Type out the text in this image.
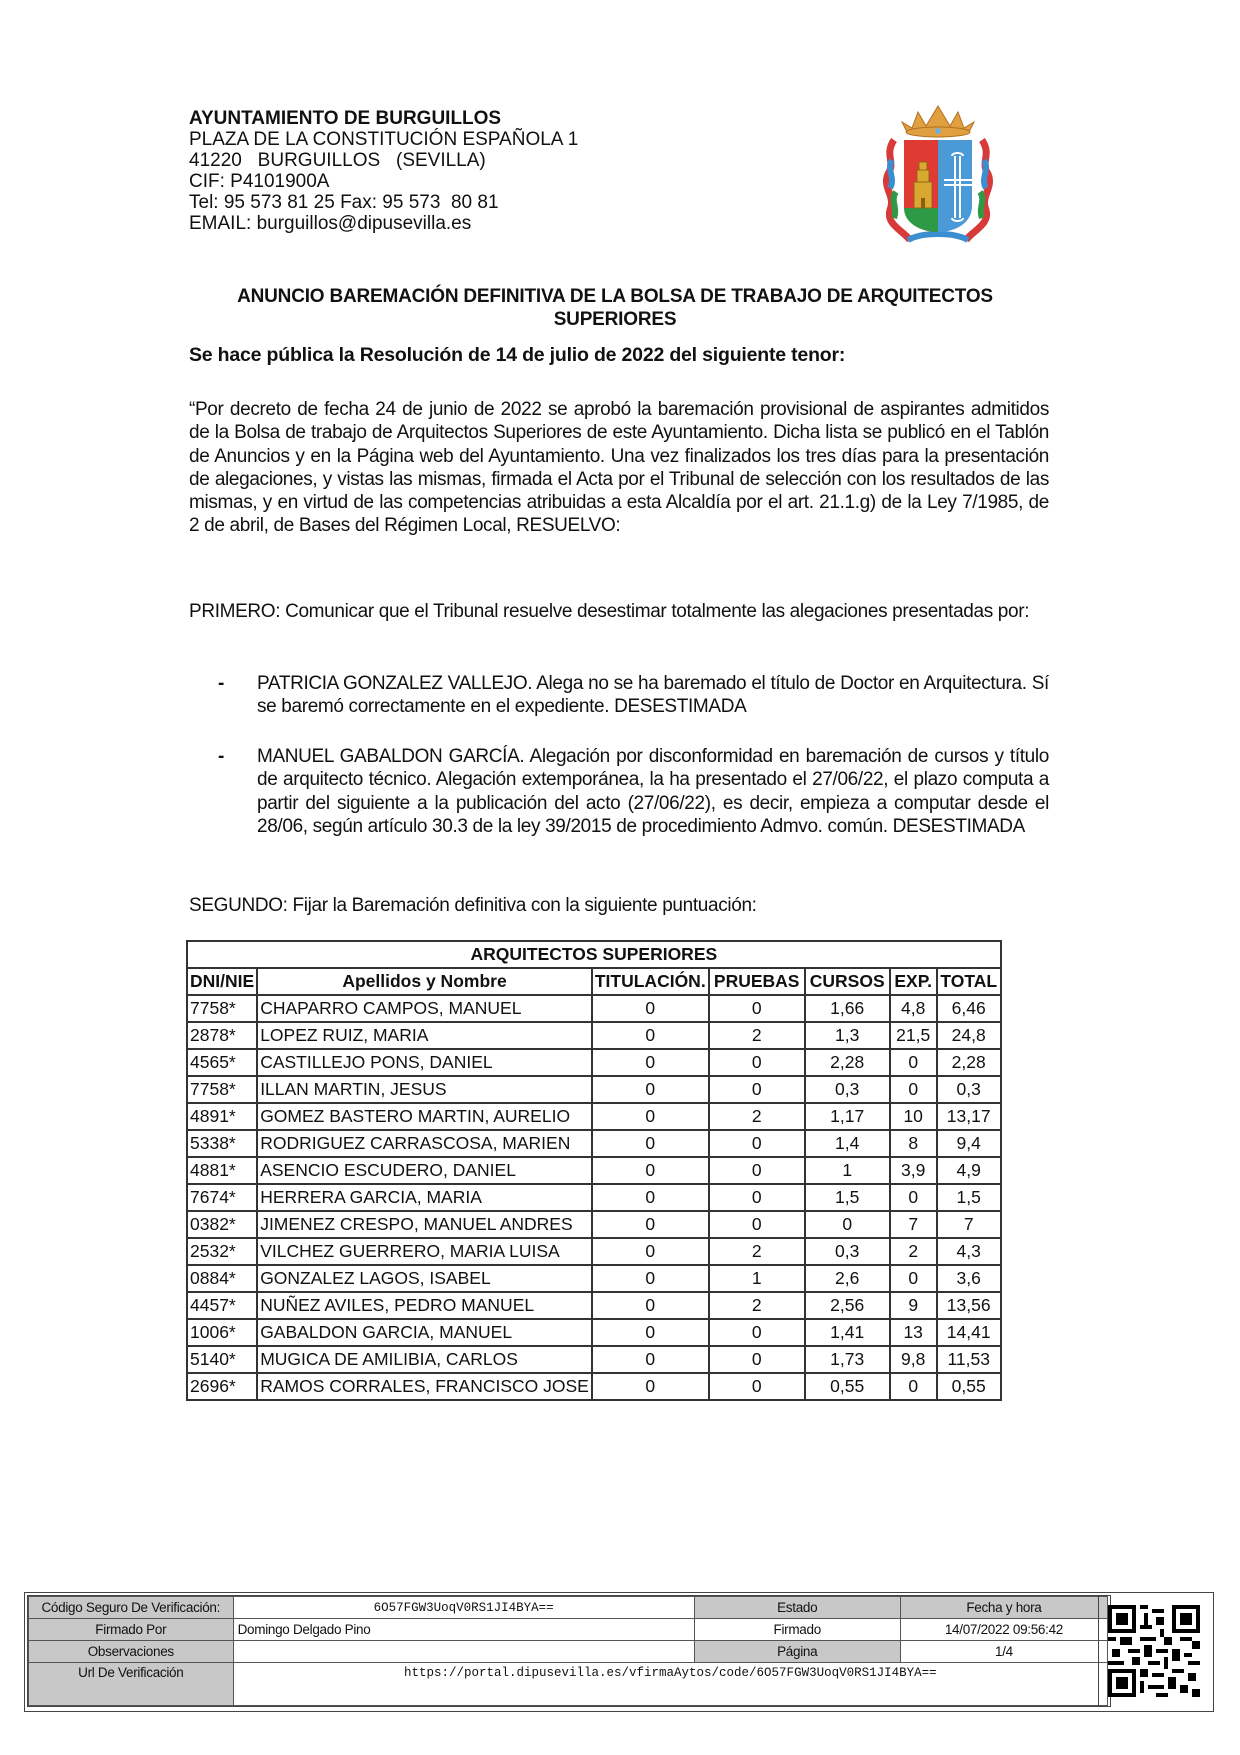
AYUNTAMIENTO DE BURGUILLOS
PLAZA DE LA CONSTITUCIÓN ESPAÑOLA 1
41220   BURGUILLOS   (SEVILLA)
CIF: P4101900A
Tel: 95 573 81 25 Fax: 95 573  80 81
EMAIL: burguillos@dipusevilla.es
ANUNCIO BAREMACIÓN DEFINITIVA DE LA BOLSA DE TRABAJO DE ARQUITECTOS
SUPERIORES
Se hace pública la Resolución de 14 de julio de 2022 del siguiente tenor:
“Por decreto de fecha 24 de junio de 2022 se aprobó la baremación provisional de aspirantes admitidos de la Bolsa de trabajo de Arquitectos Superiores de este Ayuntamiento. Dicha lista se publicó en el Tablón de Anuncios y en la Página web del Ayuntamiento. Una vez finalizados los tres días para la presentación de alegaciones, y vistas las mismas, firmada el Acta por el Tribunal de selección con los resultados de las mismas, y en virtud de las competencias atribuidas a esta Alcaldía por el art. 21.1.g) de la Ley 7/1985, de 2 de abril, de Bases del Régimen Local, RESUELVO:
PRIMERO: Comunicar que el Tribunal resuelve desestimar totalmente las alegaciones presentadas por:
- PATRICIA GONZALEZ VALLEJO. Alega no se ha baremado el título de Doctor en Arquitectura. Sí se baremó correctamente en el expediente. DESESTIMADA
- MANUEL GABALDON GARCÍA. Alegación por disconformidad en baremación de cursos y título de arquitecto técnico. Alegación extemporánea, la ha presentado el 27/06/22, el plazo computa a partir del siguiente a la publicación del acto (27/06/22), es decir, empieza a computar desde el 28/06, según artículo 30.3 de la ley 39/2015 de procedimiento Admvo. común. DESESTIMADA
SEGUNDO: Fijar la Baremación definitiva con la siguiente puntuación:
ARQUITECTOS SUPERIORES						
DNI/NIE	Apellidos y Nombre	TITULACIÓN.	PRUEBAS	CURSOS	EXP.	TOTAL
7758*	CHAPARRO CAMPOS, MANUEL	0	0	1,66	4,8	6,46
2878*	LOPEZ RUIZ, MARIA	0	2	1,3	21,5	24,8
4565*	CASTILLEJO PONS, DANIEL	0	0	2,28	0	2,28
7758*	ILLAN MARTIN, JESUS	0	0	0,3	0	0,3
4891*	GOMEZ BASTERO MARTIN, AURELIO	0	2	1,17	10	13,17
5338*	RODRIGUEZ CARRASCOSA, MARIEN	0	0	1,4	8	9,4
4881*	ASENCIO ESCUDERO, DANIEL	0	0	1	3,9	4,9
7674*	HERRERA GARCIA, MARIA	0	0	1,5	0	1,5
0382*	JIMENEZ CRESPO, MANUEL ANDRES	0	0	0	7	7
2532*	VILCHEZ GUERRERO, MARIA LUISA	0	2	0,3	2	4,3
0884*	GONZALEZ LAGOS, ISABEL	0	1	2,6	0	3,6
4457*	NUÑEZ AVILES, PEDRO MANUEL	0	2	2,56	9	13,56
1006*	GABALDON GARCIA, MANUEL	0	0	1,41	13	14,41
5140*	MUGICA DE AMILIBIA, CARLOS	0	0	1,73	9,8	11,53
2696*	RAMOS CORRALES, FRANCISCO JOSE	0	0	0,55	0	0,55
Código Seguro De Verificación:	6O57FGW3UoqV0RS1JI4BYA==	Estado	Fecha y hora
Firmado Por	Domingo Delgado Pino	Firmado	14/07/2022 09:56:42
Observaciones		Página	1/4
Url De Verificación	https://portal.dipusevilla.es/vfirmaAytos/code/6O57FGW3UoqV0RS1JI4BYA==		
